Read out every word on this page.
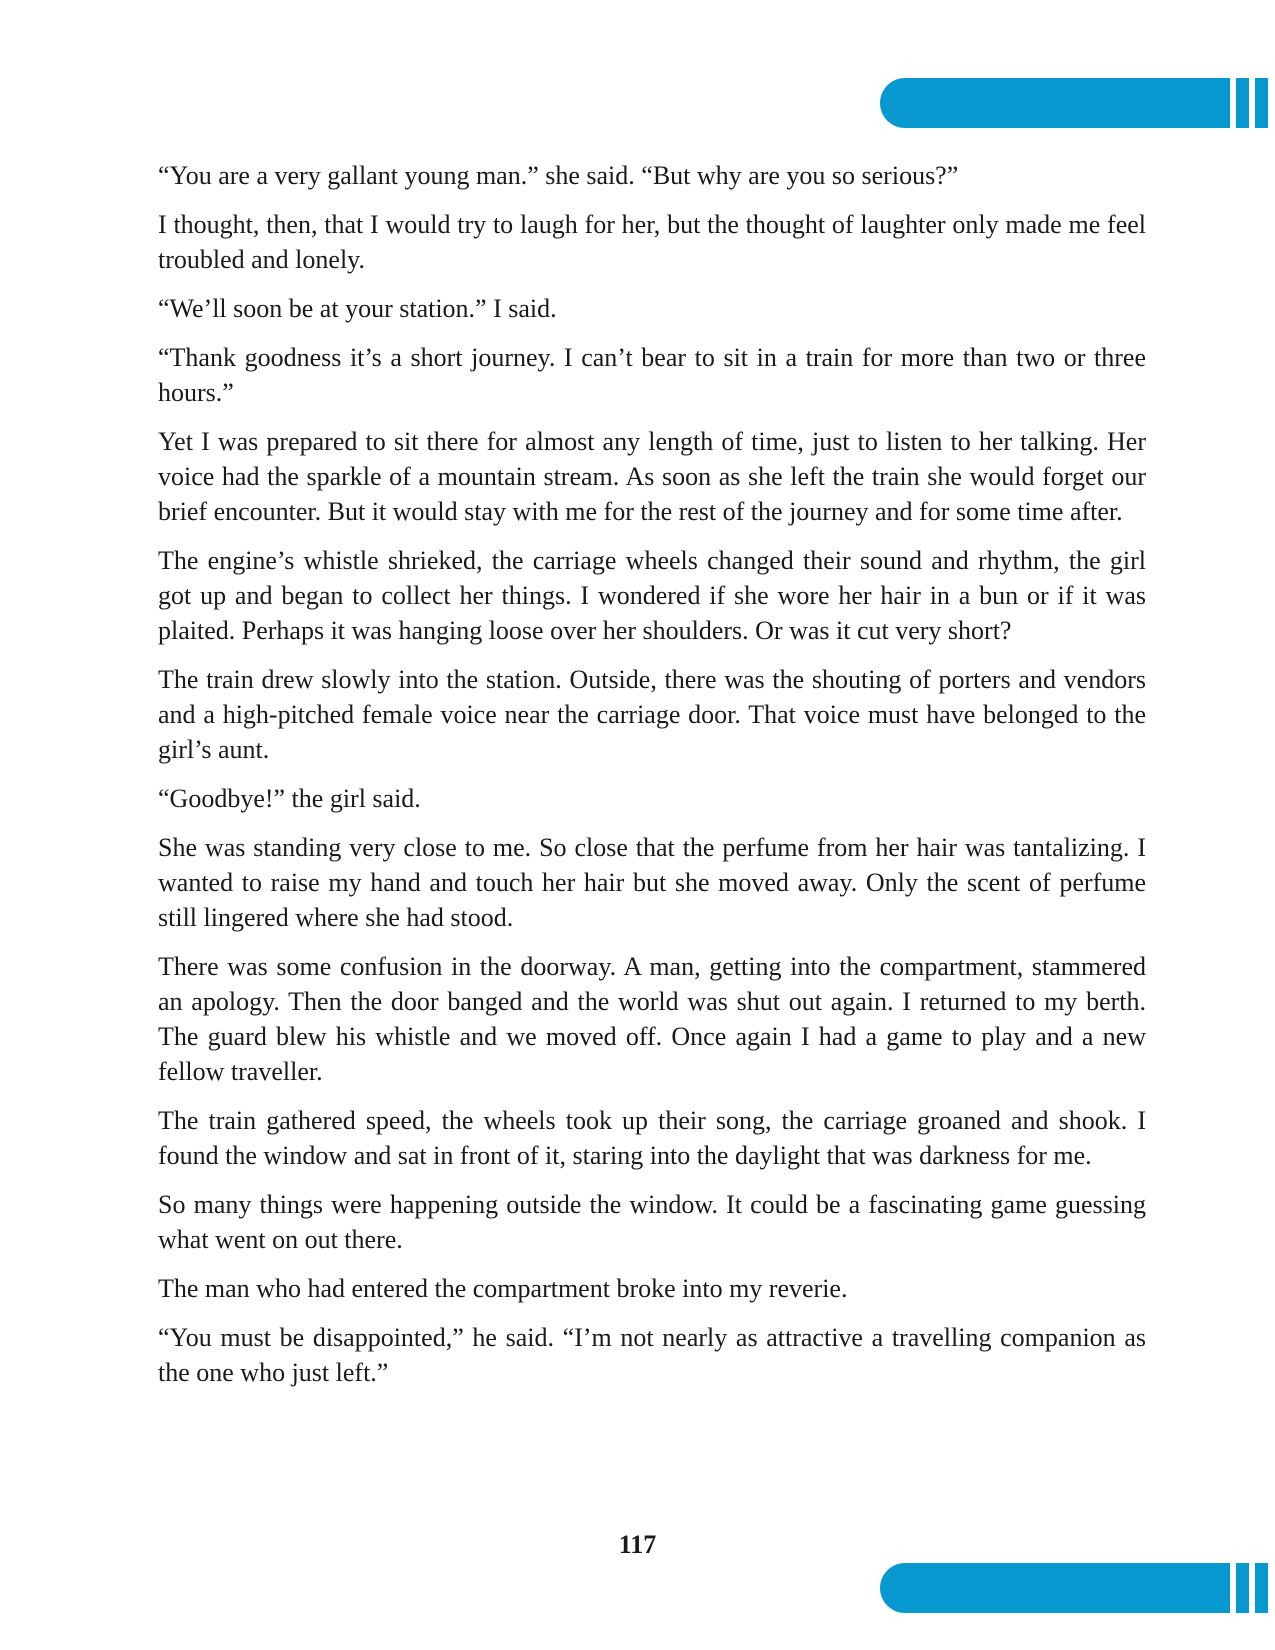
“You are a very gallant young man.” she said. “But why are you so serious?”

I thought, then, that I would try to laugh for her, but the thought of laughter only made me feel troubled and lonely.

“We’ll soon be at your station.” I said.

“Thank goodness it’s a short journey. I can’t bear to sit in a train for more than two or three hours.”

Yet I was prepared to sit there for almost any length of time, just to listen to her talking. Her voice had the sparkle of a mountain stream. As soon as she left the train she would forget our brief encounter. But it would stay with me for the rest of the journey and for some time after.

The engine’s whistle shrieked, the carriage wheels changed their sound and rhythm, the girl got up and began to collect her things. I wondered if she wore her hair in a bun or if it was plaited. Perhaps it was hanging loose over her shoulders. Or was it cut very short?

The train drew slowly into the station. Outside, there was the shouting of porters and vendors and a high-pitched female voice near the carriage door. That voice must have belonged to the girl’s aunt.

“Goodbye!” the girl said.

She was standing very close to me. So close that the perfume from her hair was tantalizing. I wanted to raise my hand and touch her hair but she moved away. Only the scent of perfume still lingered where she had stood.

There was some confusion in the doorway. A man, getting into the compartment, stammered an apology. Then the door banged and the world was shut out again. I returned to my berth. The guard blew his whistle and we moved off. Once again I had a game to play and a new fellow traveller.

The train gathered speed, the wheels took up their song, the carriage groaned and shook. I found the window and sat in front of it, staring into the daylight that was darkness for me.

So many things were happening outside the window. It could be a fascinating game guessing what went on out there.

The man who had entered the compartment broke into my reverie.

“You must be disappointed,” he said. “I’m not nearly as attractive a travelling companion as the one who just left.”

117
